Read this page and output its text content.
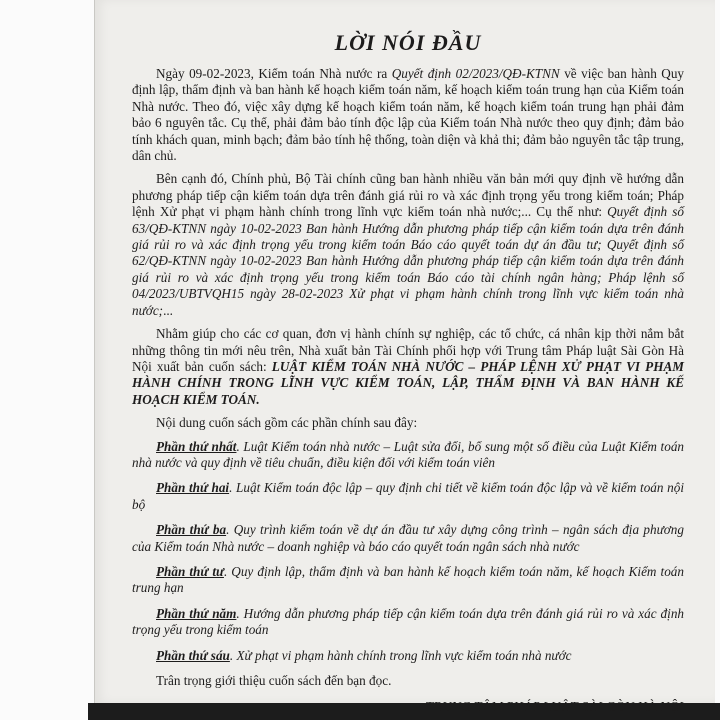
LỜI NÓI ĐẦU

Ngày 09-02-2023, Kiểm toán Nhà nước ra Quyết định 02/2023/QĐ-KTNN về việc ban hành Quy định lập, thẩm định và ban hành kế hoạch kiểm toán năm, kế hoạch kiểm toán trung hạn của Kiểm toán Nhà nước. Theo đó, việc xây dựng kế hoạch kiểm toán năm, kế hoạch kiểm toán trung hạn phải đảm bảo 6 nguyên tắc. Cụ thể, phải đảm bảo tính độc lập của Kiểm toán Nhà nước theo quy định; đảm bảo tính khách quan, minh bạch; đảm bảo tính hệ thống, toàn diện và khả thi; đảm bảo nguyên tắc tập trung, dân chủ.

Bên cạnh đó, Chính phủ, Bộ Tài chính cũng ban hành nhiều văn bản mới quy định về hướng dẫn phương pháp tiếp cận kiểm toán dựa trên đánh giá rủi ro và xác định trọng yếu trong kiểm toán; Pháp lệnh Xử phạt vi phạm hành chính trong lĩnh vực kiểm toán nhà nước;... Cụ thể như: Quyết định số 63/QĐ-KTNN ngày 10-02-2023 Ban hành Hướng dẫn phương pháp tiếp cận kiểm toán dựa trên đánh giá rủi ro và xác định trọng yếu trong kiểm toán Báo cáo quyết toán dự án đầu tư; Quyết định số 62/QĐ-KTNN ngày 10-02-2023 Ban hành Hướng dẫn phương pháp tiếp cận kiểm toán dựa trên đánh giá rủi ro và xác định trọng yếu trong kiểm toán Báo cáo tài chính ngân hàng; Pháp lệnh số 04/2023/UBTVQH15 ngày 28-02-2023 Xử phạt vi phạm hành chính trong lĩnh vực kiểm toán nhà nước;...

Nhằm giúp cho các cơ quan, đơn vị hành chính sự nghiệp, các tổ chức, cá nhân kịp thời nắm bắt những thông tin mới nêu trên, Nhà xuất bản Tài Chính phối hợp với Trung tâm Pháp luật Sài Gòn Hà Nội xuất bản cuốn sách: LUẬT KIỂM TOÁN NHÀ NƯỚC – PHÁP LỆNH XỬ PHẠT VI PHẠM HÀNH CHÍNH TRONG LĨNH VỰC KIỂM TOÁN, LẬP, THẨM ĐỊNH VÀ BAN HÀNH KẾ HOẠCH KIỂM TOÁN.

Nội dung cuốn sách gồm các phần chính sau đây:

Phần thứ nhất. Luật Kiểm toán nhà nước – Luật sửa đổi, bổ sung một số điều của Luật Kiểm toán nhà nước và quy định về tiêu chuẩn, điều kiện đối với kiểm toán viên

Phần thứ hai. Luật Kiểm toán độc lập – quy định chi tiết về kiểm toán độc lập và về kiểm toán nội bộ

Phần thứ ba. Quy trình kiểm toán về dự án đầu tư xây dựng công trình – ngân sách địa phương của Kiểm toán Nhà nước – doanh nghiệp và báo cáo quyết toán ngân sách nhà nước

Phần thứ tư. Quy định lập, thẩm định và ban hành kế hoạch kiểm toán năm, kế hoạch Kiểm toán trung hạn

Phần thứ năm. Hướng dẫn phương pháp tiếp cận kiểm toán dựa trên đánh giá rủi ro và xác định trọng yếu trong kiểm toán

Phần thứ sáu. Xử phạt vi phạm hành chính trong lĩnh vực kiểm toán nhà nước

Trân trọng giới thiệu cuốn sách đến bạn đọc.

TRUNG TÂM PHÁP LUẬT SÀI GÒN HÀ NỘI
